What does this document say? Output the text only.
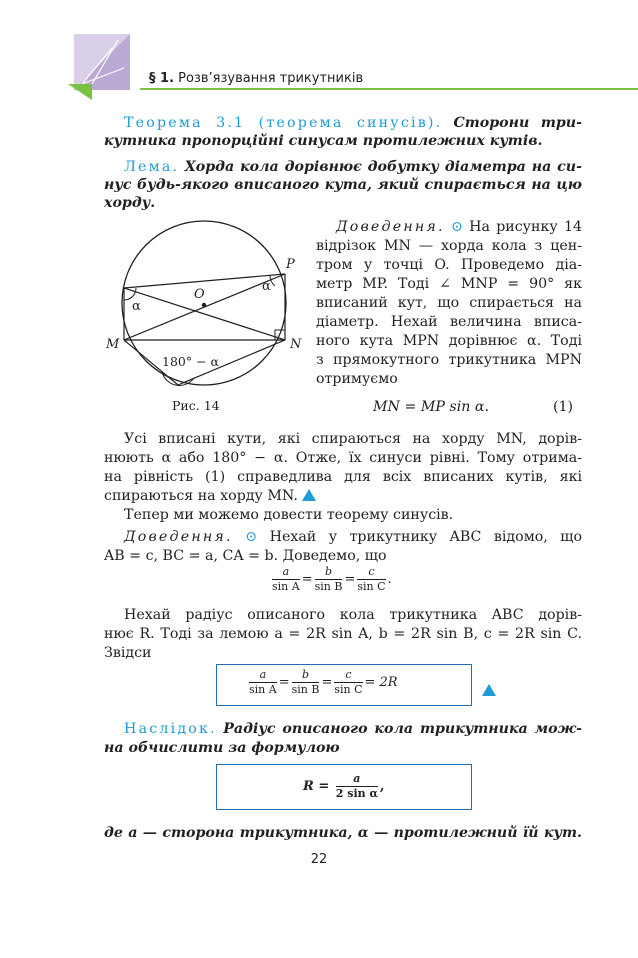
§ 1. Розв’язування трикутників
Теорема 3.1 (теорема синусів). Сторони три-
кутника пропорційні синусам протилежних кутів.
Лема. Хорда кола дорівнює добутку діаметра на си-
нус будь-якого вписаного кута, який спирається на цю
хорду.
M	N
P
O
α
α
180° − α
Рис. 14
Доведення. ⊙ На рисунку 14
відрізок MN — хорда кола з цен-
тром у точці O. Проведемо діа-
метр MP. Тоді ∠ MNP = 90° як
вписаний кут, що спирається на
діаметр. Нехай величина вписа-
ного кута MPN дорівнює α. Тоді
з прямокутного трикутника MPN
отримуємо
MN = MP sin α.	(1)
Усі вписані кути, які спираються на хорду MN, дорів-
нюють α або 180° − α. Отже, їх синуси рівні. Тому отрима-
на рівність (1) справедлива для всіх вписаних кутів, які
спираються на хорду MN.
Тепер ми можемо довести теорему синусів.
Доведення. ⊙ Нехай у трикутнику ABC відомо, що
AB = c, BC = a, CA = b. Доведемо, що
$\frac{a}{\text{sin A}} = \frac{b}{\text{sin B}} = \frac{c}{\text{sin C}}$ .
Нехай радіус описаного кола трикутника ABC дорів-
нює R. Тоді за лемою a = 2R sin A, b = 2R sin B, c = 2R sin C.
Звідси
$\frac{a}{\text{sin A}} = \frac{b}{\text{sin B}} = \frac{c}{\text{sin C}} = 2R$
Наслідок. Радіус описаного кола трикутника мож-
на обчислити за формулою
$R = \frac{a}{\text{2 sin α}}$ ,
де a — сторона трикутника, α — протилежний їй кут.
22
